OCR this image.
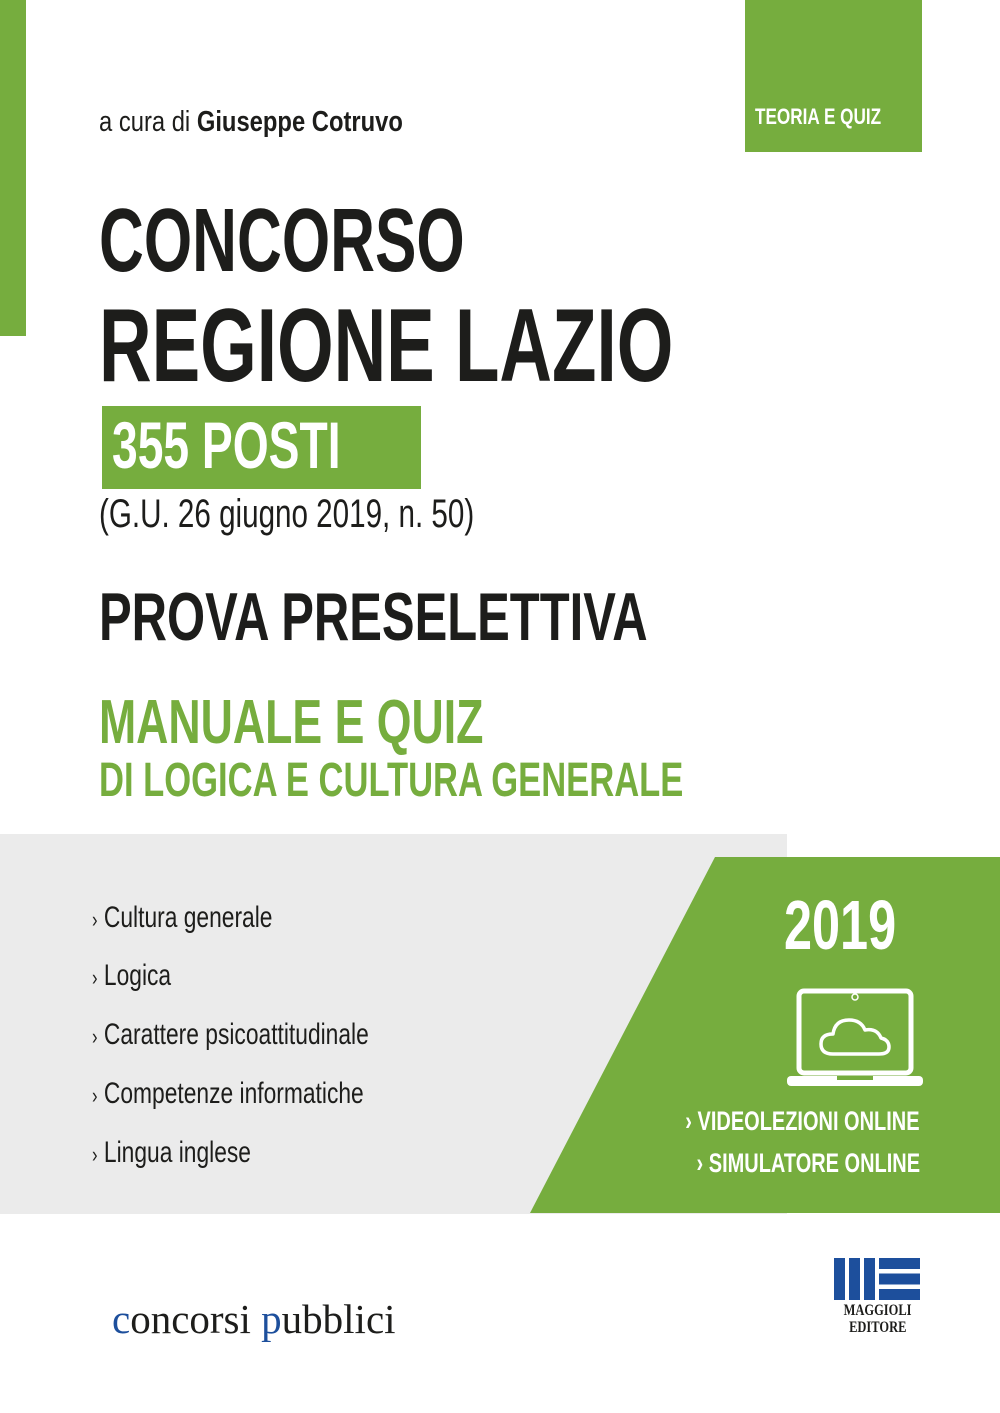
TEORIA E QUIZ
a cura di Giuseppe Cotruvo
CONCORSO
REGIONE LAZIO
355 POSTI
(G.U. 26 giugno 2019, n. 50)
PROVA PRESELETTIVA
MANUALE E QUIZ
DI LOGICA E CULTURA GENERALE
› Cultura generale
› Logica
› Carattere psicoattitudinale
› Competenze informatiche
› Lingua inglese
2019
› VIDEOLEZIONI ONLINE
› SIMULATORE ONLINE
concorsi pubblici	MAGGIOLI
EDITORE
